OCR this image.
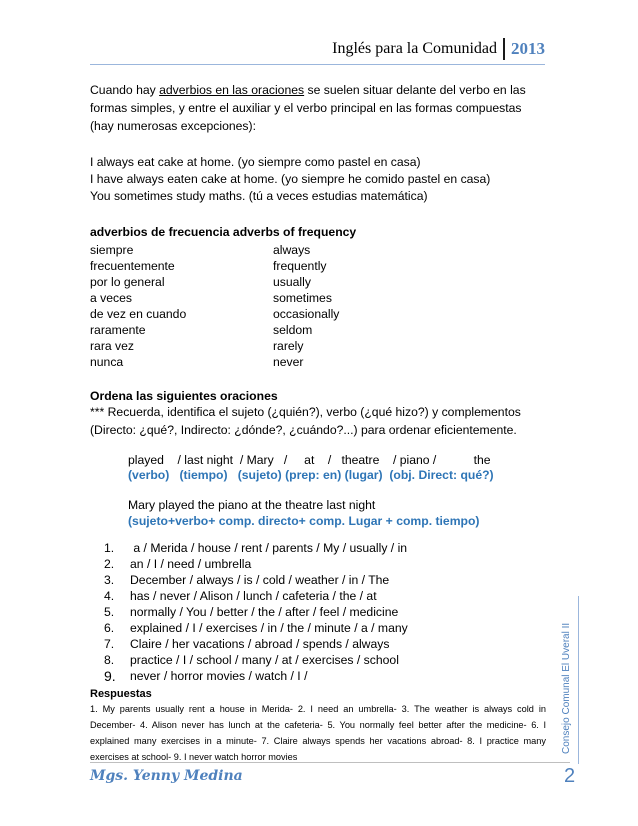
Inglés para la Comunidad 2013
Cuando hay adverbios en las oraciones se suelen situar delante del verbo en las
formas simples, y entre el auxiliar y el verbo principal en las formas compuestas
(hay numerosas excepciones):
I always eat cake at home. (yo siempre como pastel en casa)
I have always eaten cake at home. (yo siempre he comido pastel en casa)
You sometimes study maths. (tú a veces estudias matemática)
adverbios de frecuencia adverbs of frequency
siempre	always
frecuentemente	frequently
por lo general	usually
a veces	sometimes
de vez en cuando	occasionally
raramente	seldom
rara vez	rarely
nunca	never
Ordena las siguientes oraciones
*** Recuerda, identifica el sujeto (¿quién?), verbo (¿qué hizo?) y complementos
(Directo: ¿qué?, Indirecto: ¿dónde?, ¿cuándo?...) para ordenar eficientemente.
played / last night / Mary / at / theatre / piano /	the
(verbo)   (tiempo)   (sujeto) (prep: en) (lugar)  (obj. Direct: qué?)
Mary played the piano at the theatre last night
(sujeto+verbo+ comp. directo+ comp. Lugar + comp. tiempo)
1.	a / Merida / house / rent / parents / My / usually / in
2.	an / I / need / umbrella
3.	December / always / is / cold / weather / in / The
4.	has / never / Alison / lunch / cafeteria / the / at
5.	normally / You / better / the / after / feel / medicine
6.	explained / I / exercises / in / the / minute / a / many
7.	Claire / her vacations / abroad / spends / always
8.	practice / I / school / many / at / exercises / school
9.	never / horror movies / watch / I /
Respuestas
1. My parents usually rent a house in Merida- 2. I need an umbrella- 3. The weather is always cold in December- 4. Alison never has lunch at the cafeteria- 5. You normally feel better after the medicine- 6. I explained many exercises in a minute- 7. Claire always spends her vacations abroad- 8. I practice many exercises at school- 9. I never watch horror movies
Consejo Comunal El Uveral II
Mgs. Yenny Medina	2
